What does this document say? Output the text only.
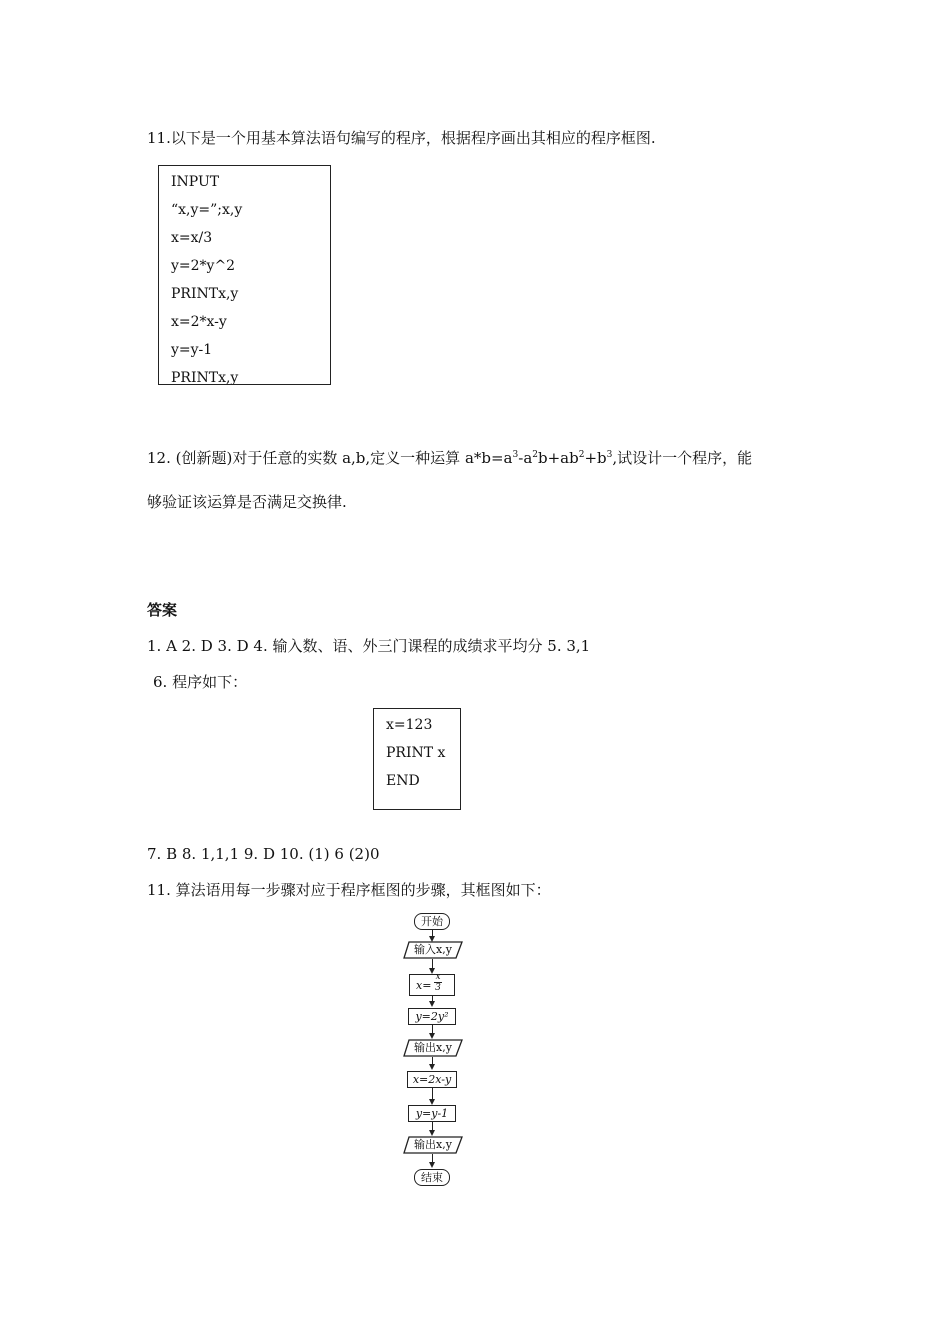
11.以下是一个用基本算法语句编写的程序，根据程序画出其相应的程序框图.
INPUT
“x,y=”;x,y
x=x/3
y=2*y^2
PRINTx,y
x=2*x-y
y=y-1
PRINTx,y
12. (创新题)对于任意的实数 a,b,定义一种运算 $a*b=a^3-a^2b+ab^2+b^3$,试设计一个程序，能
够验证该运算是否满足交换律.
答案
1. A 2. D 3. D 4. 输入数、语、外三门课程的成绩求平均分 5. 3,1
6. 程序如下：
x=123
PRINT x
END
7. B 8. 1,1,1 9. D 10. (1) 6 (2)0
11. 算法语用每一步骤对应于程序框图的步骤，其框图如下：
开始
输入x,y
x=
x
3
y=2y²
输出x,y
x=2x-y
y=y-1
输出x,y
结束
